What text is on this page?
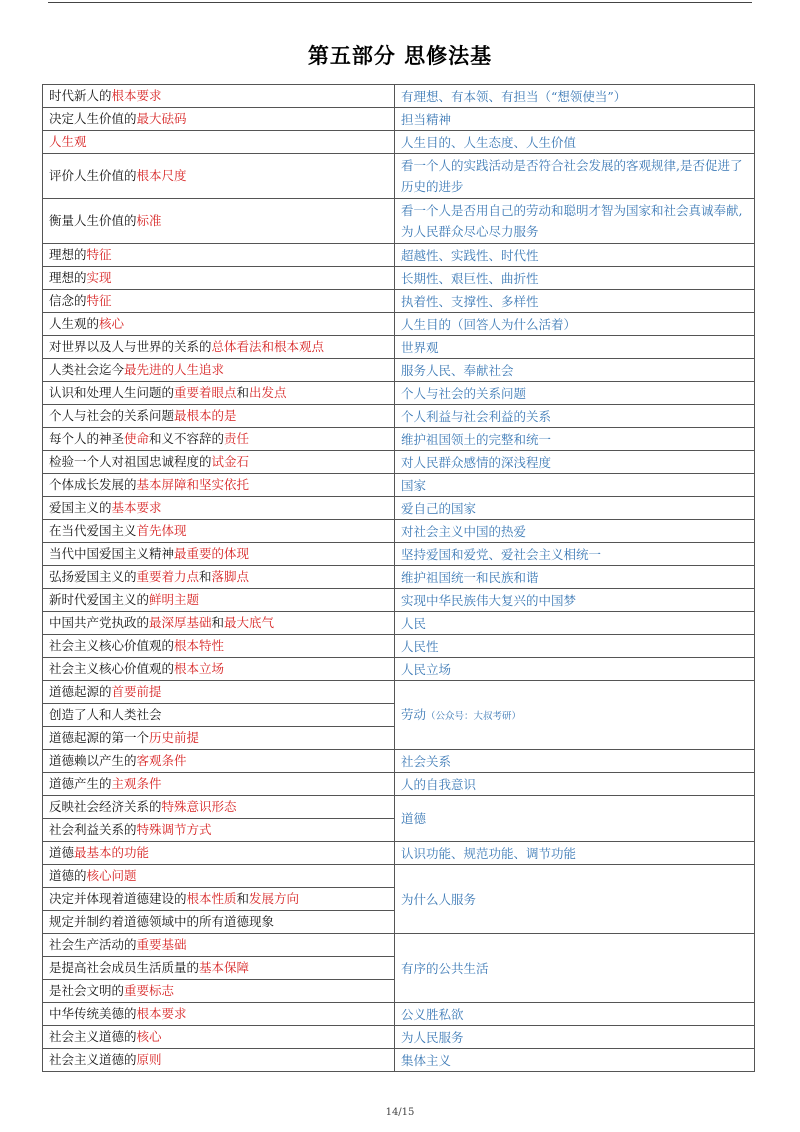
第五部分 思修法基
时代新人的根本要求	有理想、有本领、有担当（“想领使当”）
决定人生价值的最大砝码	担当精神
人生观	人生目的、人生态度、人生价值
评价人生价值的根本尺度	看一个人的实践活动是否符合社会发展的客观规律,是否促进了历史的进步
衡量人生价值的标准	看一个人是否用自己的劳动和聪明才智为国家和社会真诚奉献,为人民群众尽心尽力服务
理想的特征	超越性、实践性、时代性
理想的实现	长期性、艰巨性、曲折性
信念的特征	执着性、支撑性、多样性
人生观的核心	人生目的（回答人为什么活着）
对世界以及人与世界的关系的总体看法和根本观点	世界观
人类社会迄今最先进的人生追求	服务人民、奉献社会
认识和处理人生问题的重要着眼点和出发点	个人与社会的关系问题
个人与社会的关系问题最根本的是	个人利益与社会利益的关系
每个人的神圣使命和义不容辞的责任	维护祖国领土的完整和统一
检验一个人对祖国忠诚程度的试金石	对人民群众感情的深浅程度
个体成长发展的基本屏障和坚实依托	国家
爱国主义的基本要求	爱自己的国家
在当代爱国主义首先体现	对社会主义中国的热爱
当代中国爱国主义精神最重要的体现	坚持爱国和爱党、爱社会主义相统一
弘扬爱国主义的重要着力点和落脚点	维护祖国统一和民族和谐
新时代爱国主义的鲜明主题	实现中华民族伟大复兴的中国梦
中国共产党执政的最深厚基础和最大底气	人民
社会主义核心价值观的根本特性	人民性
社会主义核心价值观的根本立场	人民立场
道德起源的首要前提	劳动（公众号：大叔考研）
创造了人和人类社会	
道德起源的第一个历史前提	
道德赖以产生的客观条件	社会关系
道德产生的主观条件	人的自我意识
反映社会经济关系的特殊意识形态	道德
社会利益关系的特殊调节方式	
道德最基本的功能	认识功能、规范功能、调节功能
道德的核心问题	为什么人服务
决定并体现着道德建设的根本性质和发展方向	
规定并制约着道德领域中的所有道德现象	
社会生产活动的重要基础	有序的公共生活
是提高社会成员生活质量的基本保障	
是社会文明的重要标志	
中华传统美德的根本要求	公义胜私欲
社会主义道德的核心	为人民服务
社会主义道德的原则	集体主义
14/15
